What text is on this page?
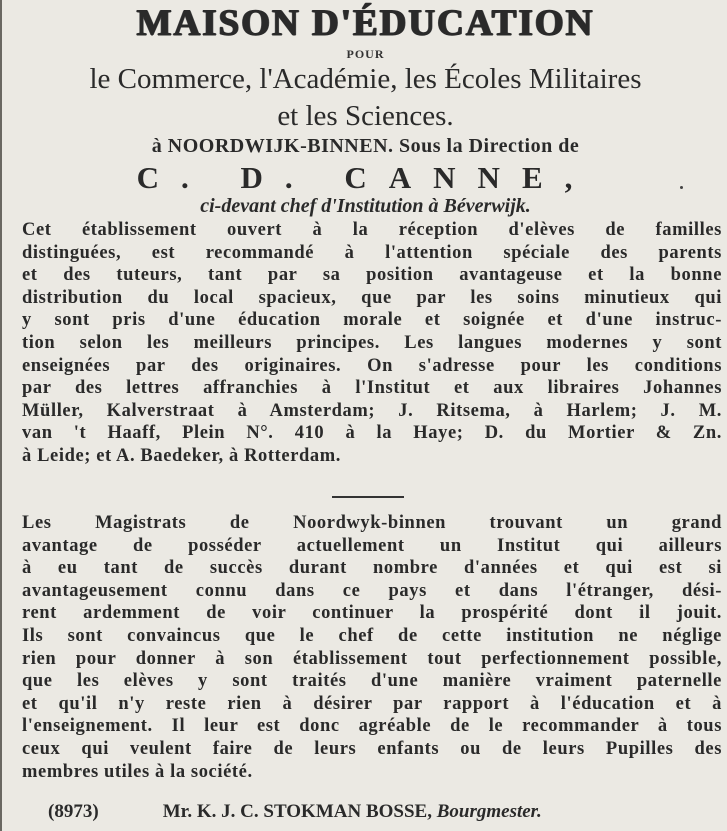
MAISON D'ÉDUCATION
POUR
le Commerce, l'Académie, les Écoles Militaires
et les Sciences.
à NOORDWIJK-BINNEN. Sous la Direction de
C. D. CANNE,
ci-devant chef d'Institution à Béverwijk.
Cet établissement ouvert à la réception d'elèves de familles
distinguées, est recommandé à l'attention spéciale des parents
et des tuteurs, tant par sa position avantageuse et la bonne
distribution du local spacieux, que par les soins minutieux qui
y sont pris d'une éducation morale et soignée et d'une instruc-
tion selon les meilleurs principes. Les langues modernes y sont
enseignées par des originaires. On s'adresse pour les conditions
par des lettres affranchies à l'Institut et aux libraires Johannes
Müller, Kalverstraat à Amsterdam; J. Ritsema, à Harlem; J. M.
van 't Haaff, Plein N°. 410 à la Haye; D. du Mortier & Zn.
à Leide; et A. Baedeker, à Rotterdam.
Les Magistrats de Noordwyk-binnen trouvant un grand
avantage de posséder actuellement un Institut qui ailleurs
à eu tant de succès durant nombre d'années et qui est si
avantageusement connu dans ce pays et dans l'étranger, dési-
rent ardemment de voir continuer la prospérité dont il jouit.
Ils sont convaincus que le chef de cette institution ne néglige
rien pour donner à son établissement tout perfectionnement possible,
que les elèves y sont traités d'une manière vraiment paternelle
et qu'il n'y reste rien à désirer par rapport à l'éducation et à
l'enseignement. Il leur est donc agréable de le recommander à tous
ceux qui veulent faire de leurs enfants ou de leurs Pupilles des
membres utiles à la société.
(8973)	Mr. K. J. C. STOKMAN BOSSE, Bourgmester.
